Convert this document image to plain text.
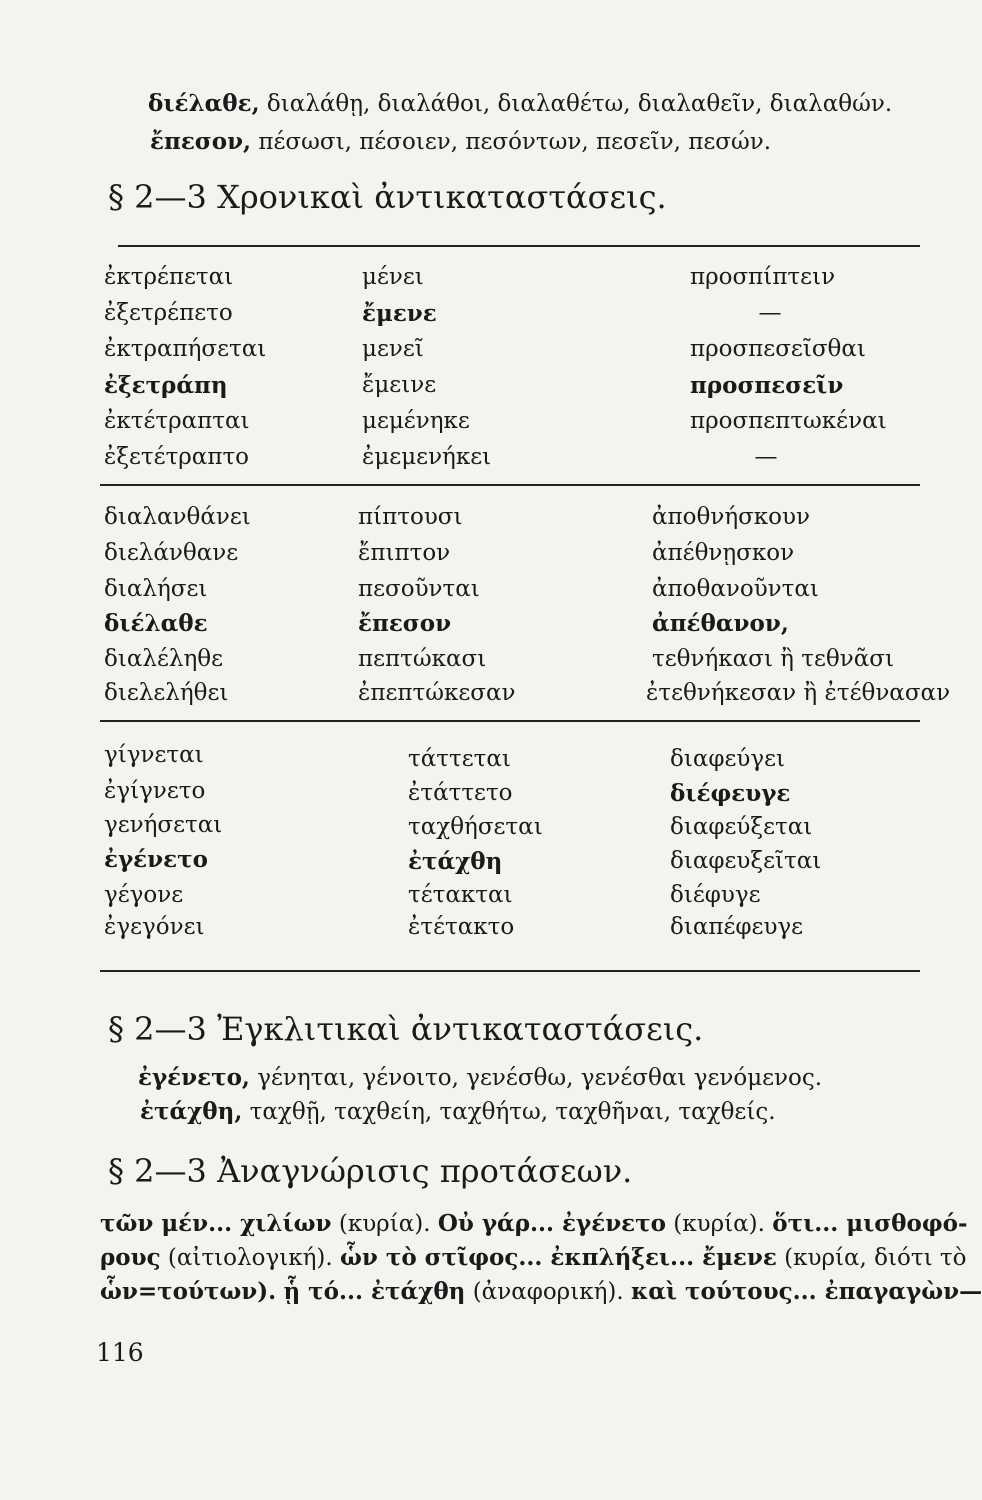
διέλαθε, διαλάθῃ, διαλάθοι, διαλαθέτω, διαλαθεῖν, διαλαθών.
ἔπεσον, πέσωσι, πέσοιεν, πεσόντων, πεσεῖν, πεσών.
§ 2—3 Χρονικαὶ ἀντικαταστάσεις.
ἐκτρέπεται
ἐξετρέπετο
ἐκτραπήσεται
ἐξετράπη
ἐκτέτραπται
ἐξετέτραπτο
μένει
ἔμενε
μενεῖ
ἔμεινε
μεμένηκε
ἐμεμενήκει
προσπίπτειν
—
προσπεσεῖσθαι
προσπεσεῖν
προσπεπτωκέναι
—
διαλανθάνει
διελάνθανε
διαλήσει
διέλαθε
διαλέληθε
διελελήθει
πίπτουσι
ἔπιπτον
πεσοῦνται
ἔπεσον
πεπτώκασι
ἐπεπτώκεσαν
ἀποθνήσκουν
ἀπέθνῃσκον
ἀποθανοῦνται
ἀπέθανον,
τεθνήκασι ἢ τεθνᾶσι
ἐτεθνήκεσαν ἢ ἐτέθνασαν
γίγνεται
ἐγίγνετο
γενήσεται
ἐγένετο
γέγονε
ἐγεγόνει
τάττεται
ἐτάττετο
ταχθήσεται
ἐτάχθη
τέτακται
ἐτέτακτο
διαφεύγει
διέφευγε
διαφεύξεται
διαφευξεῖται
διέφυγε
διαπέφευγε
§ 2—3 Ἐγκλιτικαὶ ἀντικαταστάσεις.
ἐγένετο, γένηται, γένοιτο, γενέσθω, γενέσθαι γενόμενος.
ἐτάχθη, ταχθῇ, ταχθείη, ταχθήτω, ταχθῆναι, ταχθείς.
§ 2—3 Ἀναγνώρισις προτάσεων.
τῶν μέν... χιλίων (κυρία). Οὐ γάρ... ἐγένετο (κυρία). ὅτι... μισθοφό-
ρους (αἰτιολογική). ὧν τὸ στῖφος... ἐκπλήξει... ἔμενε (κυρία, διότι τὸ
ὧν=τούτων). ᾗ τό... ἐτάχθη (ἀναφορική). καὶ τούτους... ἐπαγαγὼν—
116
